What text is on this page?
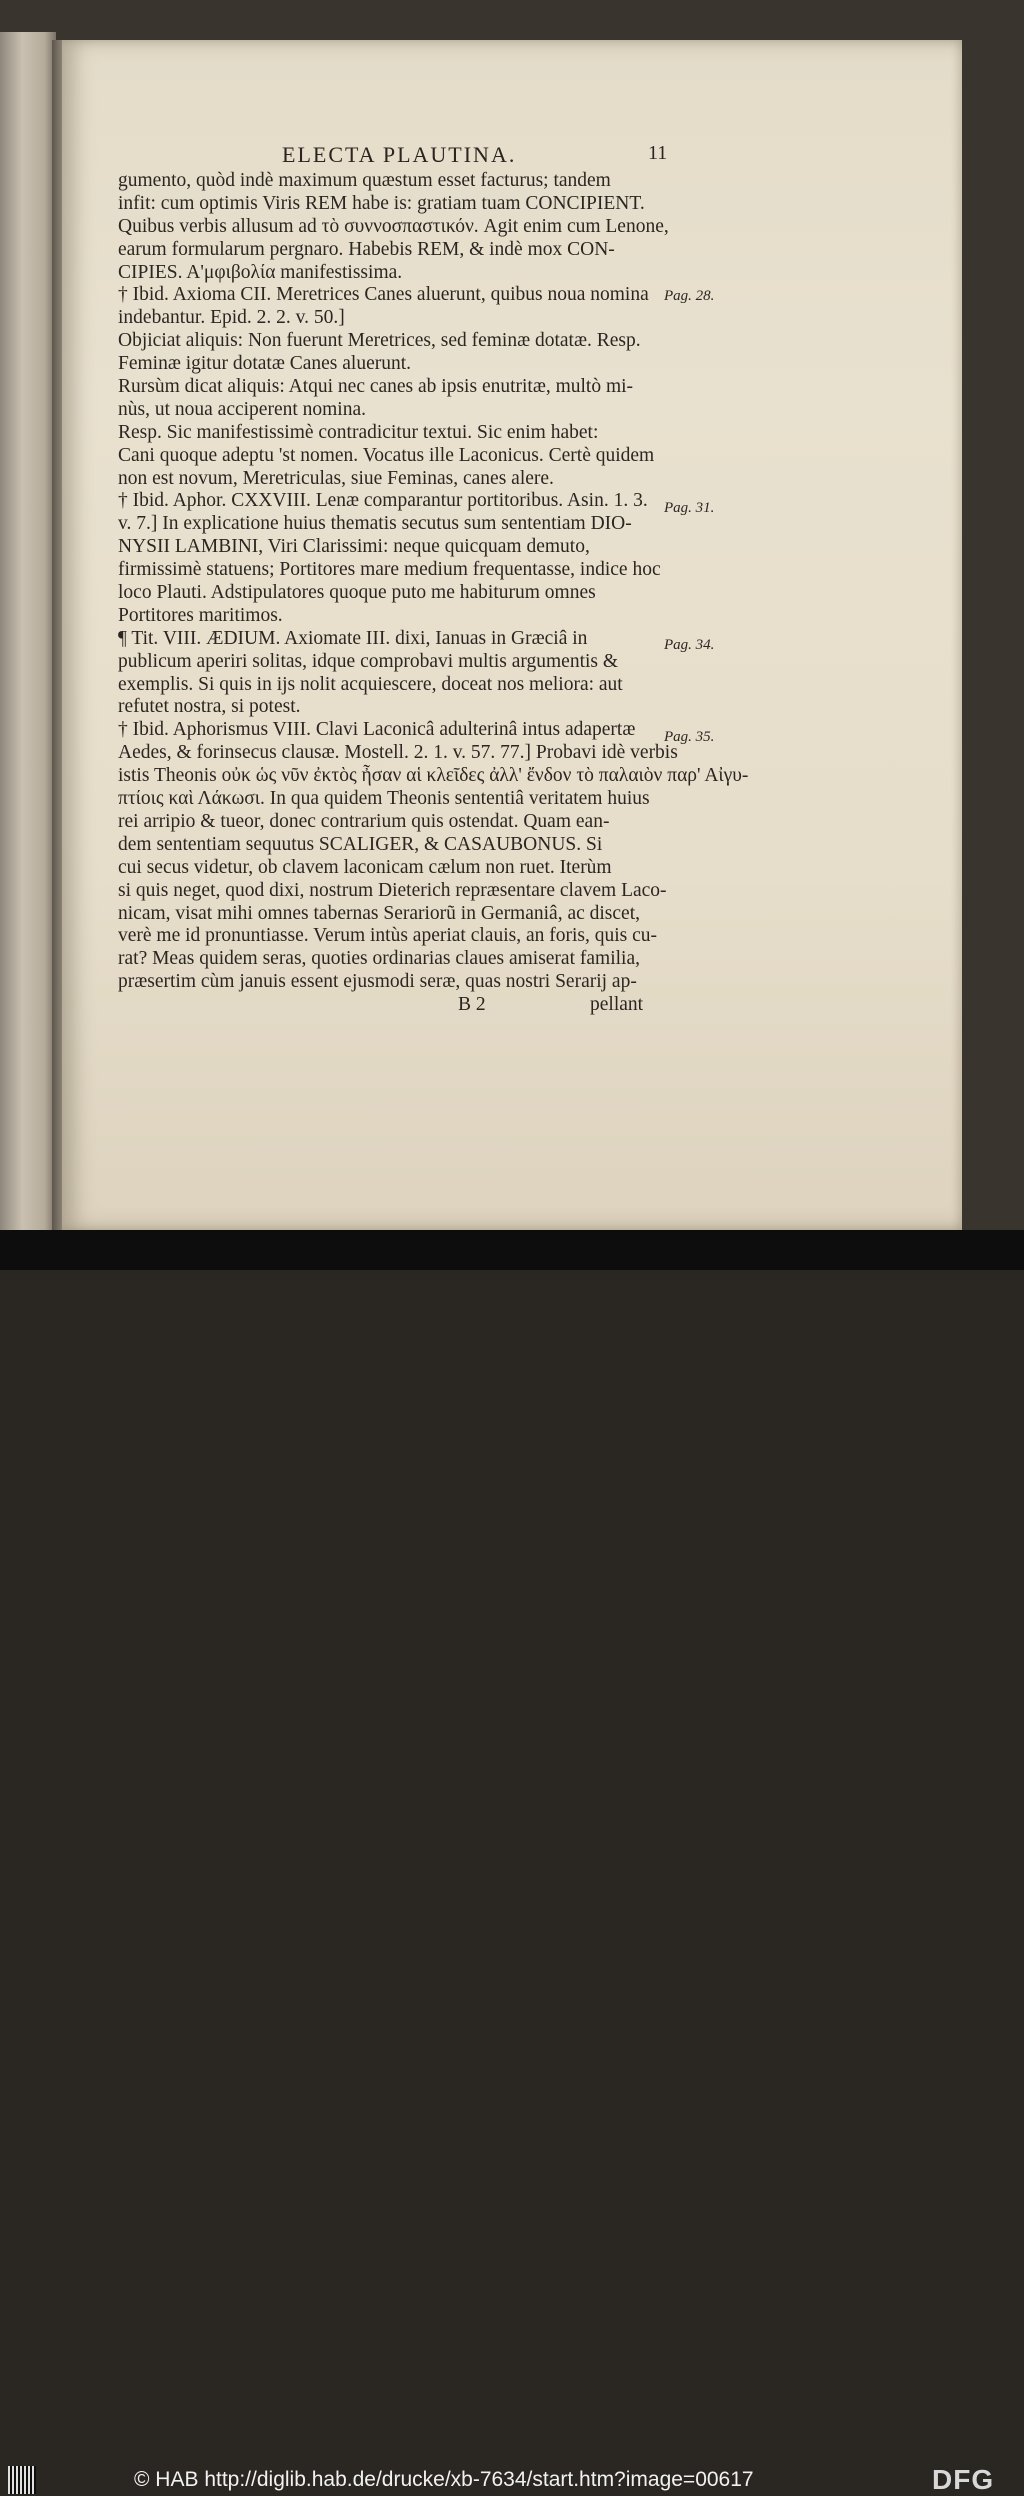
ELECTA PLAUTINA.	11
gumento, quòd indè maximum quæstum esset facturus; tandem
infit: cum optimis Viris REM habe is: gratiam tuam CONCIPIENT.
Quibus verbis allusum ad τὸ συννοσπαστικόν. Agit enim cum Lenone,
earum formularum pergnaro. Habebis REM, & indè mox CON-
CIPIES. A'μφιβολία manifestissima.
† Ibid. Axioma CII. Meretrices Canes aluerunt, quibus noua nomina
indebantur. Epid. 2. 2. v. 50.]
Objiciat aliquis: Non fuerunt Meretrices, sed feminæ dotatæ. Resp.
Feminæ igitur dotatæ Canes aluerunt.
Rursùm dicat aliquis: Atqui nec canes ab ipsis enutritæ, multò mi-
nùs, ut noua acciperent nomina.
Resp. Sic manifestissimè contradicitur textui. Sic enim habet:
Cani quoque adeptu 'st nomen. Vocatus ille Laconicus. Certè quidem
non est novum, Meretriculas, siue Feminas, canes alere.
† Ibid. Aphor. CXXVIII. Lenæ comparantur portitoribus. Asin. 1. 3.
v. 7.] In explicatione huius thematis secutus sum sententiam DIO-
NYSII LAMBINI, Viri Clarissimi: neque quicquam demuto,
firmissimè statuens; Portitores mare medium frequentasse, indice hoc
loco Plauti. Adstipulatores quoque puto me habiturum omnes
Portitores maritimos.
¶ Tit. VIII. ÆDIUM. Axiomate III. dixi, Ianuas in Græciâ in
publicum aperiri solitas, idque comprobavi multis argumentis &
exemplis. Si quis in ijs nolit acquiescere, doceat nos meliora: aut
refutet nostra, si potest.
† Ibid. Aphorismus VIII. Clavi Laconicâ adulterinâ intus adapertæ
Aedes, & forinsecus clausæ. Mostell. 2. 1. v. 57. 77.] Probavi idè verbis
istis Theonis οὐκ ὡς νῦν ἐκτὸς ἦσαν αἱ κλεῖδες ἀλλ' ἔνδον τὸ παλαιὸν παρ' Αἰγυ-
πτίοις καὶ Λάκωσι. In qua quidem Theonis sententiâ veritatem huius
rei arripio & tueor, donec contrarium quis ostendat. Quam ean-
dem sententiam sequutus SCALIGER, & CASAUBONUS. Si
cui secus videtur, ob clavem laconicam cælum non ruet. Iterùm
si quis neget, quod dixi, nostrum Dieterich repræsentare clavem Laco-
nicam, visat mihi omnes tabernas Serariorũ in Germaniâ, ac discet,
verè me id pronuntiasse. Verum intùs aperiat clauis, an foris, quis cu-
rat? Meas quidem seras, quoties ordinarias claues amiserat familia,
præsertim cùm januis essent ejusmodi seræ, quas nostri Serarij ap-
B 2	pellant
Pag. 28.
Pag. 31.
Pag. 34.
Pag. 35.
© HAB http://diglib.hab.de/drucke/xb-7634/start.htm?image=00617	DFG
